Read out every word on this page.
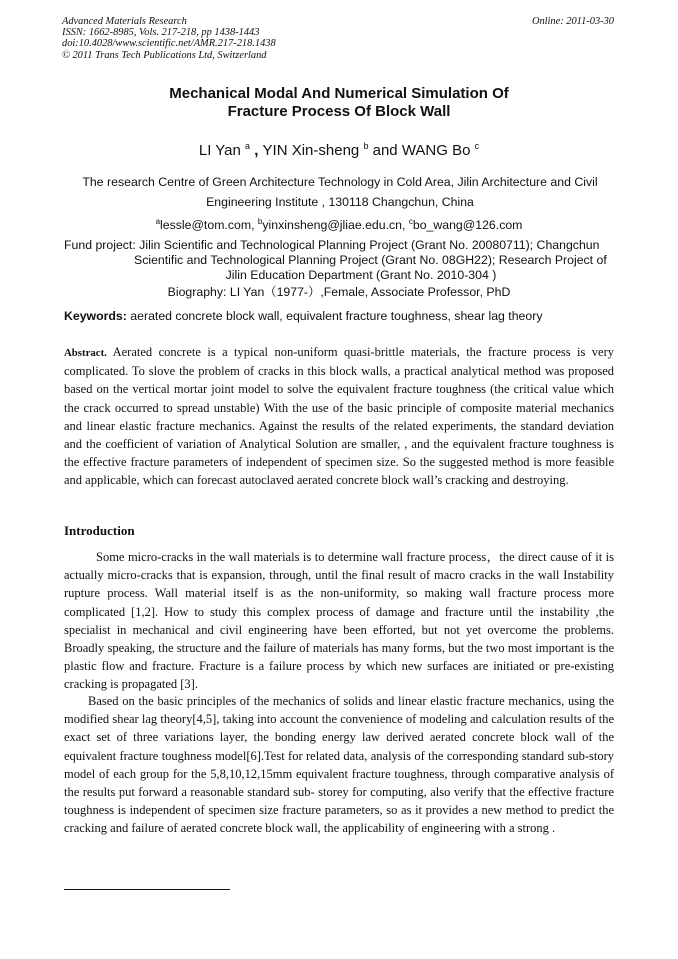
Advanced Materials Research
ISSN: 1662-8985, Vols. 217-218, pp 1438-1443
doi:10.4028/www.scientific.net/AMR.217-218.1438
© 2011 Trans Tech Publications Ltd, Switzerland
Online: 2011-03-30
Mechanical Modal And Numerical Simulation Of
Fracture Process Of Block Wall
LI Yan $^a$ , YIN Xin-sheng $^b$ and WANG Bo $^c$
The research Centre of Green Architecture Technology in Cold Area, Jilin Architecture and Civil
Engineering Institute , 130118 Changchun, China
$^a$lessle@tom.com, $^b$yinxinsheng@jliae.edu.cn, $^c$bo_wang@126.com
Fund project: Jilin Scientific and Technological Planning Project (Grant No. 20080711); Changchun
Scientific and Technological Planning Project (Grant No. 08GH22); Research Project of
Jilin Education Department (Grant No. 2010-304 )
Biography: LI Yan（1977-）,Female, Associate Professor, PhD
Keywords: aerated concrete block wall, equivalent fracture toughness, shear lag theory
Abstract. Aerated concrete is a typical non-uniform quasi-brittle materials, the fracture process is very complicated. To slove the problem of cracks in this block walls, a practical analytical method was proposed based on the vertical mortar joint model to solve the equivalent fracture toughness (the critical value which the crack occurred to spread unstable) With the use of the basic principle of composite material mechanics and linear elastic fracture mechanics. Against the results of the related experiments, the standard deviation and the coefficient of variation of Analytical Solution are smaller, , and the equivalent fracture toughness is the effective fracture parameters of independent of specimen size. So the suggested method is more feasible and applicable, which can forecast autoclaved aerated concrete block wall’s cracking and destroying.
Introduction
Some micro-cracks in the wall materials is to determine wall fracture process，the direct cause of it is actually micro-cracks that is expansion, through, until the final result of macro cracks in the wall Instability rupture process. Wall material itself is as the non-uniformity, so making wall fracture process more complicated [1,2]. How to study this complex process of damage and fracture until the instability ,the specialist in mechanical and civil engineering have been efforted, but not yet overcome the problems. Broadly speaking, the structure and the failure of materials has many forms, but the two most important is the plastic flow and fracture. Fracture is a failure process by which new surfaces are initiated or pre-existing cracking is propagated [3].
Based on the basic principles of the mechanics of solids and linear elastic fracture mechanics, using the modified shear lag theory[4,5], taking into account the convenience of modeling and calculation results of the exact set of three variations layer, the bonding energy law derived aerated concrete block wall of the equivalent fracture toughness model[6].Test for related data, analysis of the corresponding standard sub-story model of each group for the 5,8,10,12,15mm equivalent fracture toughness, through comparative analysis of the results put forward a reasonable standard sub- storey for computing, also verify that the effective fracture toughness is independent of specimen size fracture parameters, so as it provides a new method to predict the cracking and failure of aerated concrete block wall, the applicability of engineering with a strong .
